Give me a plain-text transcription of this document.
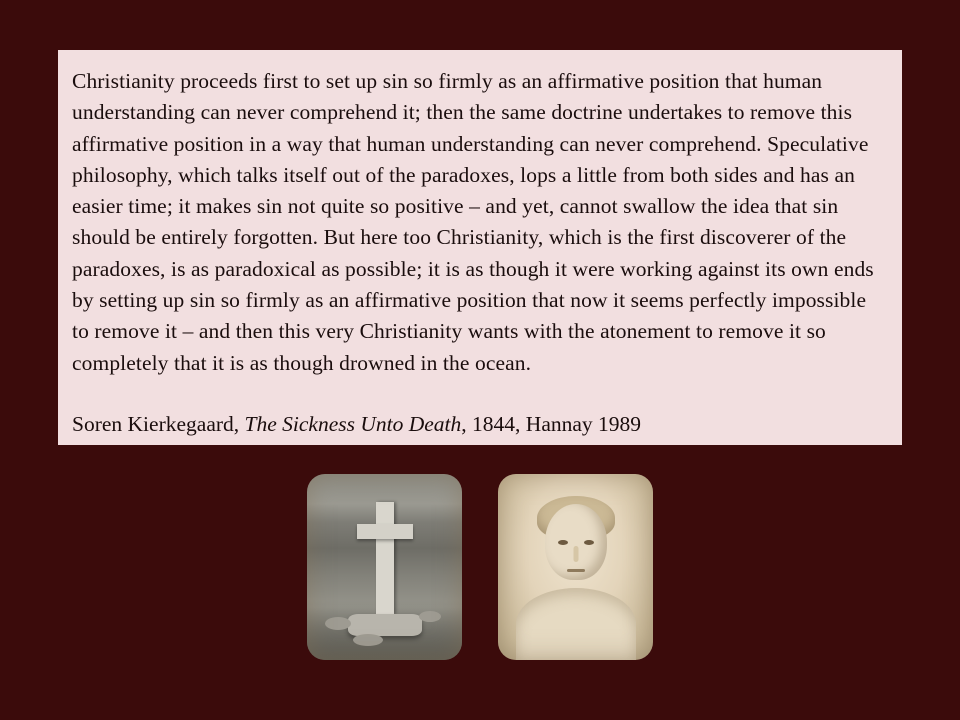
Christianity proceeds first to set up sin so firmly as an affirmative position that human understanding can never comprehend it; then the same doctrine undertakes to remove this affirmative position in a way that human understanding can never comprehend. Speculative philosophy, which talks itself out of the paradoxes, lops a little from both sides and has an easier time; it makes sin not quite so positive – and yet, cannot swallow the idea that sin should be entirely forgotten. But here too Christianity, which is the first discoverer of the paradoxes, is as paradoxical as possible; it is as though it were working against its own ends by setting up sin so firmly as an affirmative position that now it seems perfectly impossible to remove it – and then this very Christianity wants with the atonement to remove it so completely that it is as though drowned in the ocean.

Soren Kierkegaard, The Sickness Unto Death, 1844, Hannay 1989
